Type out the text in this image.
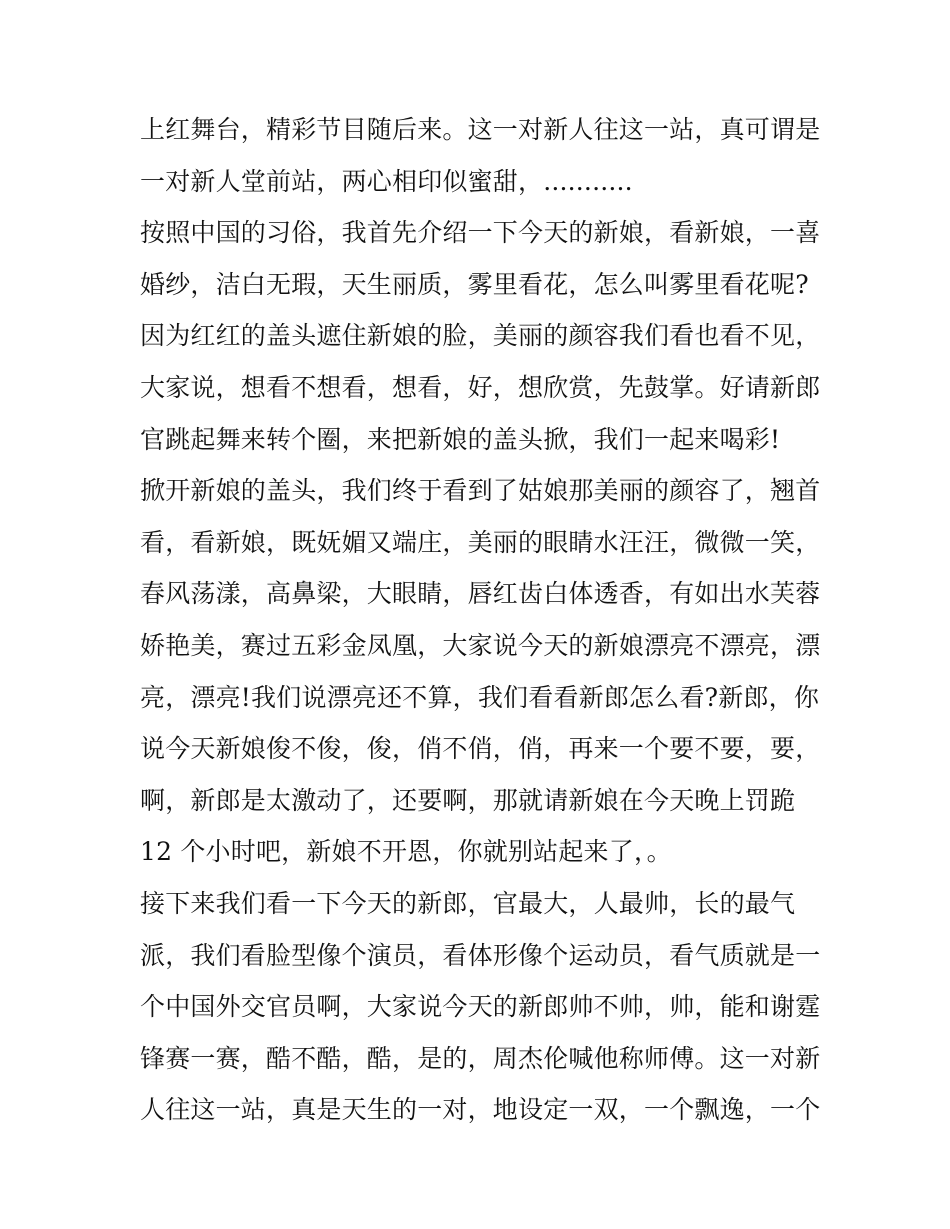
上红舞台，精彩节目随后来。这一对新人往这一站，真可谓是
一对新人堂前站，两心相印似蜜甜，...........
按照中国的习俗，我首先介绍一下今天的新娘，看新娘，一喜
婚纱，洁白无瑕，天生丽质，雾里看花，怎么叫雾里看花呢?
因为红红的盖头遮住新娘的脸，美丽的颜容我们看也看不见，
大家说，想看不想看，想看，好，想欣赏，先鼓掌。好请新郎
官跳起舞来转个圈，来把新娘的盖头掀，我们一起来喝彩!
掀开新娘的盖头，我们终于看到了姑娘那美丽的颜容了，翘首
看，看新娘，既妩媚又端庄，美丽的眼睛水汪汪，微微一笑，
春风荡漾，高鼻梁，大眼睛，唇红齿白体透香，有如出水芙蓉
娇艳美，赛过五彩金凤凰，大家说今天的新娘漂亮不漂亮，漂
亮，漂亮!我们说漂亮还不算，我们看看新郎怎么看?新郎，你
说今天新娘俊不俊，俊，俏不俏，俏，再来一个要不要，要，
啊，新郎是太激动了，还要啊，那就请新娘在今天晚上罚跪
12 个小时吧，新娘不开恩，你就别站起来了，。
接下来我们看一下今天的新郎，官最大，人最帅，长的最气
派，我们看脸型像个演员，看体形像个运动员，看气质就是一
个中国外交官员啊，大家说今天的新郎帅不帅，帅，能和谢霆
锋赛一赛，酷不酷，酷，是的，周杰伦喊他称师傅。这一对新
人往这一站，真是天生的一对，地设定一双，一个飘逸，一个
